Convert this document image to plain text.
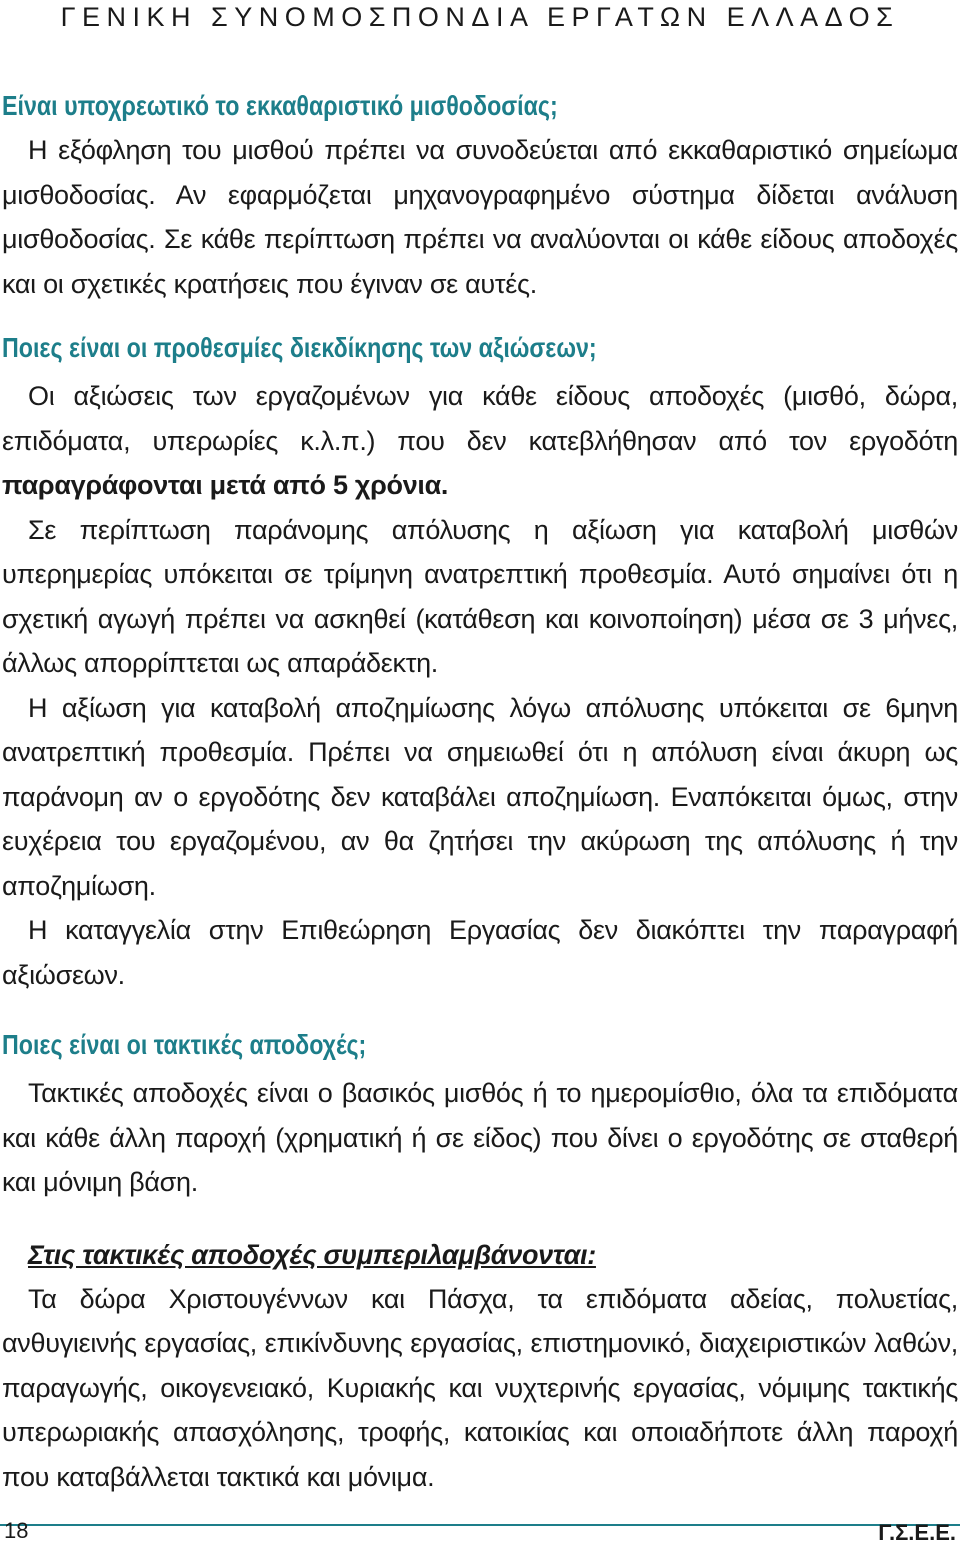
ΓΕΝΙΚΗ ΣΥΝΟΜΟΣΠΟΝΔΙΑ ΕΡΓΑΤΩΝ ΕΛΛΑΔΟΣ
Είναι υποχρεωτικό το εκκαθαριστικό μισθοδοσίας;

Η εξόφληση του μισθού πρέπει να συνοδεύεται από εκκαθαριστικό σημείωμα μισθοδοσίας. Αν εφαρμόζεται μηχανογραφημένο σύστημα δίδεται ανάλυση μισθοδοσίας. Σε κάθε περίπτωση πρέπει να αναλύονται οι κάθε είδους αποδοχές και οι σχετικές κρατήσεις που έγιναν σε αυτές.

Ποιες είναι οι προθεσμίες διεκδίκησης των αξιώσεων;

Οι αξιώσεις των εργαζομένων για κάθε είδους αποδοχές (μισθό, δώρα, επιδόματα, υπερωρίες κ.λ.π.) που δεν κατεβλήθησαν από τον εργοδότη παραγράφονται μετά από 5 χρόνια.

Σε περίπτωση παράνομης απόλυσης η αξίωση για καταβολή μισθών υπερημερίας υπόκειται σε τρίμηνη ανατρεπτική προθεσμία. Αυτό σημαίνει ότι η σχετική αγωγή πρέπει να ασκηθεί (κατάθεση και κοινοποίηση) μέσα σε 3 μήνες, άλλως απορρίπτεται ως απαράδεκτη.

Η αξίωση για καταβολή αποζημίωσης λόγω απόλυσης υπόκειται σε 6μηνη ανατρεπτική προθεσμία. Πρέπει να σημειωθεί ότι η απόλυση είναι άκυρη ως παράνομη αν ο εργοδότης δεν καταβάλει αποζημίωση. Εναπόκειται όμως, στην ευχέρεια του εργαζομένου, αν θα ζητήσει την ακύρωση της απόλυσης ή την αποζημίωση.

Η καταγγελία στην Επιθεώρηση Εργασίας δεν διακόπτει την παραγραφή αξιώσεων.

Ποιες είναι οι τακτικές αποδοχές;

Τακτικές αποδοχές είναι ο βασικός μισθός ή το ημερομίσθιο, όλα τα επιδόματα και κάθε άλλη παροχή (χρηματική ή σε είδος) που δίνει ο εργοδότης σε σταθερή και μόνιμη βάση.

Στις τακτικές αποδοχές συμπεριλαμβάνονται:

Τα δώρα Χριστουγέννων και Πάσχα, τα επιδόματα αδείας, πολυετίας, ανθυγιεινής εργασίας, επικίνδυνης εργασίας, επιστημονικό, διαχειριστικών λαθών, παραγωγής, οικογενειακό, Κυριακής και νυχτερινής εργασίας, νόμιμης τακτικής υπερωριακής απασχόλησης, τροφής, κατοικίας και οποιαδήποτε άλλη παροχή που καταβάλλεται τακτικά και μόνιμα.

18	Γ.Σ.Ε.Ε.
